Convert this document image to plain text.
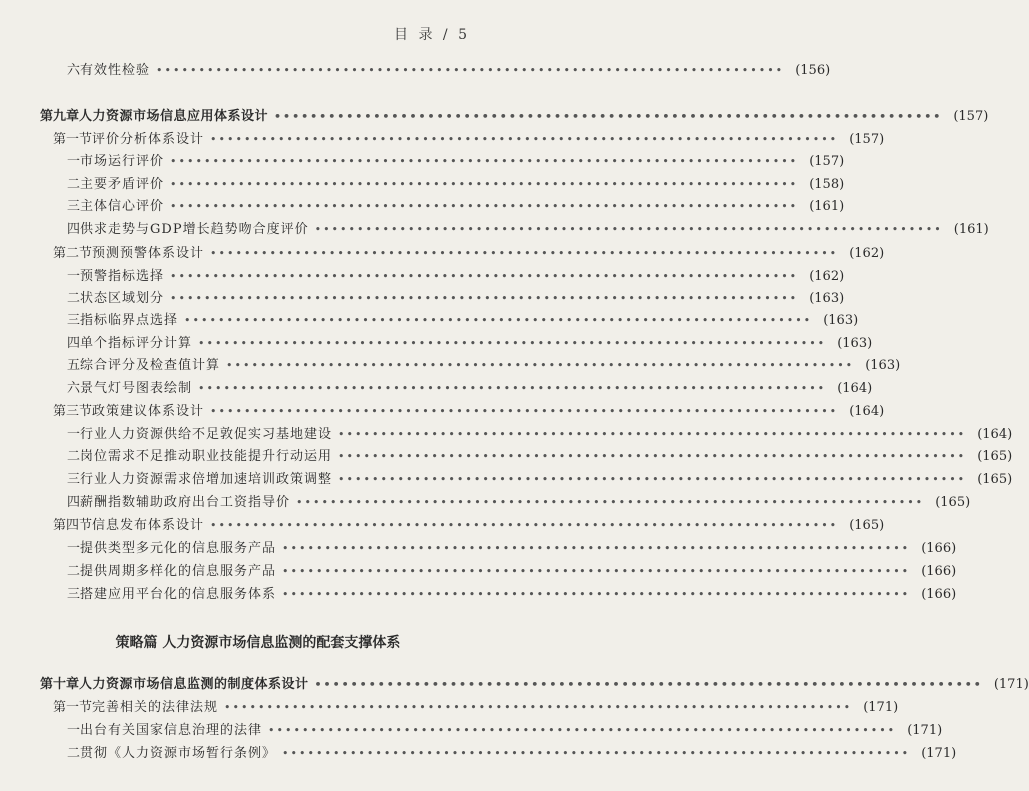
目 录 / 5
六 有效性检验 •••••••••••••••••••••••••••••••••••••••••••••••••••••••••••••••••••••••••• (156)
第九章 人力资源市场信息应用体系设计 •••••••••••••••••••••••••••••••••••••••••••••••••••••••••••••••••••••••••• (157)
第一节 评价分析体系设计 •••••••••••••••••••••••••••••••••••••••••••••••••••••••••••••••••••••••••• (157)
一 市场运行评价 •••••••••••••••••••••••••••••••••••••••••••••••••••••••••••••••••••••••••• (157)
二 主要矛盾评价 •••••••••••••••••••••••••••••••••••••••••••••••••••••••••••••••••••••••••• (158)
三 主体信心评价 •••••••••••••••••••••••••••••••••••••••••••••••••••••••••••••••••••••••••• (161)
四 供求走势与GDP增长趋势吻合度评价 •••••••••••••••••••••••••••••••••••••••••••••••••••••••••••••••••••••••••• (161)
第二节 预测预警体系设计 •••••••••••••••••••••••••••••••••••••••••••••••••••••••••••••••••••••••••• (162)
一 预警指标选择 •••••••••••••••••••••••••••••••••••••••••••••••••••••••••••••••••••••••••• (162)
二 状态区域划分 •••••••••••••••••••••••••••••••••••••••••••••••••••••••••••••••••••••••••• (163)
三 指标临界点选择 •••••••••••••••••••••••••••••••••••••••••••••••••••••••••••••••••••••••••• (163)
四 单个指标评分计算 •••••••••••••••••••••••••••••••••••••••••••••••••••••••••••••••••••••••••• (163)
五 综合评分及检查值计算 •••••••••••••••••••••••••••••••••••••••••••••••••••••••••••••••••••••••••• (163)
六 景气灯号图表绘制 •••••••••••••••••••••••••••••••••••••••••••••••••••••••••••••••••••••••••• (164)
第三节 政策建议体系设计 •••••••••••••••••••••••••••••••••••••••••••••••••••••••••••••••••••••••••• (164)
一 行业人力资源供给不足敦促实习基地建设 •••••••••••••••••••••••••••••••••••••••••••••••••••••••••••••••••••••••••• (164)
二 岗位需求不足推动职业技能提升行动运用 •••••••••••••••••••••••••••••••••••••••••••••••••••••••••••••••••••••••••• (165)
三 行业人力资源需求倍增加速培训政策调整 •••••••••••••••••••••••••••••••••••••••••••••••••••••••••••••••••••••••••• (165)
四 薪酬指数辅助政府出台工资指导价 •••••••••••••••••••••••••••••••••••••••••••••••••••••••••••••••••••••••••• (165)
第四节 信息发布体系设计 •••••••••••••••••••••••••••••••••••••••••••••••••••••••••••••••••••••••••• (165)
一 提供类型多元化的信息服务产品 •••••••••••••••••••••••••••••••••••••••••••••••••••••••••••••••••••••••••• (166)
二 提供周期多样化的信息服务产品 •••••••••••••••••••••••••••••••••••••••••••••••••••••••••••••••••••••••••• (166)
三 搭建应用平台化的信息服务体系 •••••••••••••••••••••••••••••••••••••••••••••••••••••••••••••••••••••••••• (166)
第十章 人力资源市场信息监测的制度体系设计 •••••••••••••••••••••••••••••••••••••••••••••••••••••••••••••••••••••••••• (171)
第一节 完善相关的法律法规 •••••••••••••••••••••••••••••••••••••••••••••••••••••••••••••••••••••••••• (171)
一 出台有关国家信息治理的法律 •••••••••••••••••••••••••••••••••••••••••••••••••••••••••••••••••••••••••• (171)
二 贯彻《人力资源市场暂行条例》 •••••••••••••••••••••••••••••••••••••••••••••••••••••••••••••••••••••••••• (171)
策略篇 人力资源市场信息监测的配套支撑体系
